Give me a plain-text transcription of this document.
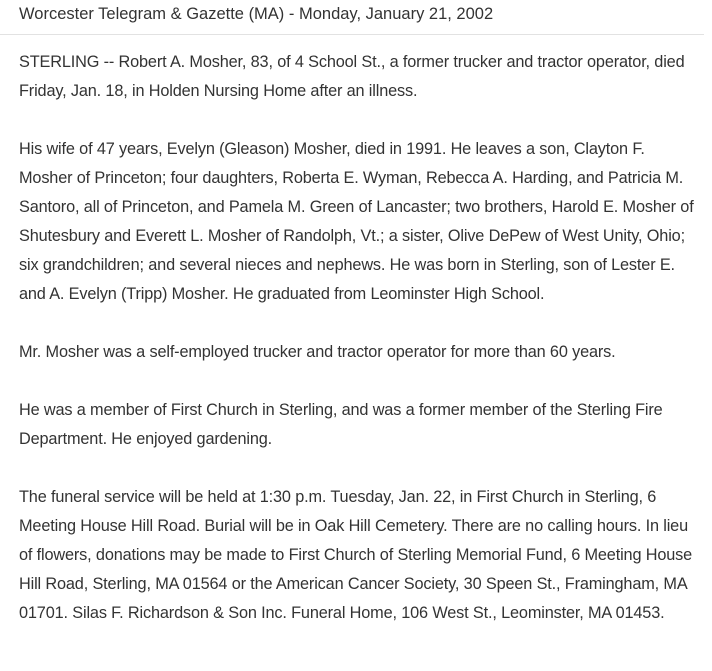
Worcester Telegram & Gazette (MA) - Monday, January 21, 2002

STERLING -- Robert A. Mosher, 83, of 4 School St., a former trucker and tractor operator, died Friday, Jan. 18, in Holden Nursing Home after an illness.

His wife of 47 years, Evelyn (Gleason) Mosher, died in 1991. He leaves a son, Clayton F. Mosher of Princeton; four daughters, Roberta E. Wyman, Rebecca A. Harding, and Patricia M. Santoro, all of Princeton, and Pamela M. Green of Lancaster; two brothers, Harold E. Mosher of Shutesbury and Everett L. Mosher of Randolph, Vt.; a sister, Olive DePew of West Unity, Ohio; six grandchildren; and several nieces and nephews. He was born in Sterling, son of Lester E. and A. Evelyn (Tripp) Mosher. He graduated from Leominster High School.

Mr. Mosher was a self-employed trucker and tractor operator for more than 60 years.

He was a member of First Church in Sterling, and was a former member of the Sterling Fire Department. He enjoyed gardening.

The funeral service will be held at 1:30 p.m. Tuesday, Jan. 22, in First Church in Sterling, 6 Meeting House Hill Road. Burial will be in Oak Hill Cemetery. There are no calling hours. In lieu of flowers, donations may be made to First Church of Sterling Memorial Fund, 6 Meeting House Hill Road, Sterling, MA 01564 or the American Cancer Society, 30 Speen St., Framingham, MA 01701. Silas F. Richardson & Son Inc. Funeral Home, 106 West St., Leominster, MA 01453.
